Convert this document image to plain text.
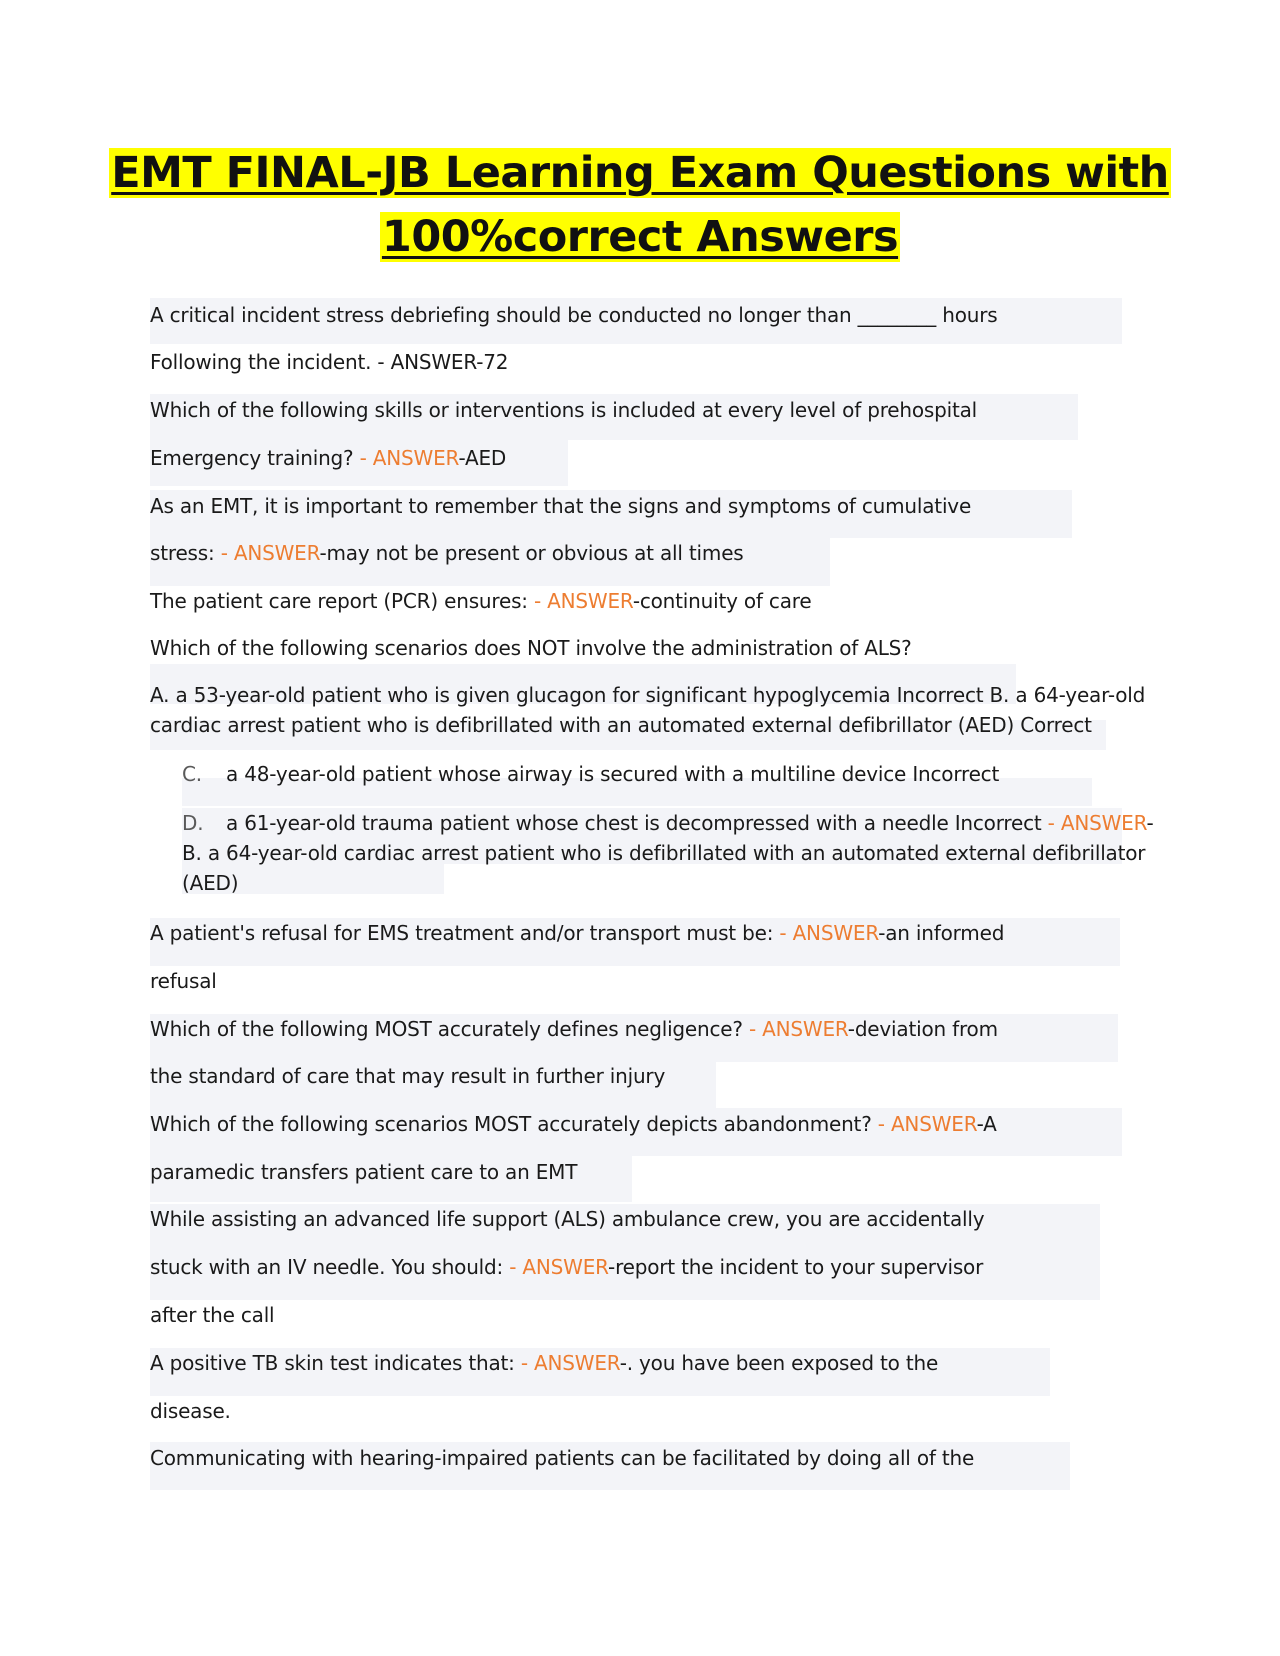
EMT FINAL-JB Learning Exam Questions with
100%correct Answers
A critical incident stress debriefing should be conducted no longer than ________ hours
Following the incident. - ANSWER-72
Which of the following skills or interventions is included at every level of prehospital
Emergency training? - ANSWER-AED
As an EMT, it is important to remember that the signs and symptoms of cumulative
stress: - ANSWER-may not be present or obvious at all times
The patient care report (PCR) ensures: - ANSWER-continuity of care
Which of the following scenarios does NOT involve the administration of ALS?
A. a 53-year-old patient who is given glucagon for significant hypoglycemia Incorrect B. a 64-year-old
cardiac arrest patient who is defibrillated with an automated external defibrillator (AED) Correct
C. a 48-year-old patient whose airway is secured with a multiline device Incorrect
D. a 61-year-old trauma patient whose chest is decompressed with a needle Incorrect - ANSWER-
B. a 64-year-old cardiac arrest patient who is defibrillated with an automated external defibrillator
(AED)
A patient's refusal for EMS treatment and/or transport must be: - ANSWER-an informed
refusal
Which of the following MOST accurately defines negligence? - ANSWER-deviation from
the standard of care that may result in further injury
Which of the following scenarios MOST accurately depicts abandonment? - ANSWER-A
paramedic transfers patient care to an EMT
While assisting an advanced life support (ALS) ambulance crew, you are accidentally
stuck with an IV needle. You should: - ANSWER-report the incident to your supervisor
after the call
A positive TB skin test indicates that: - ANSWER-. you have been exposed to the
disease.
Communicating with hearing-impaired patients can be facilitated by doing all of the
